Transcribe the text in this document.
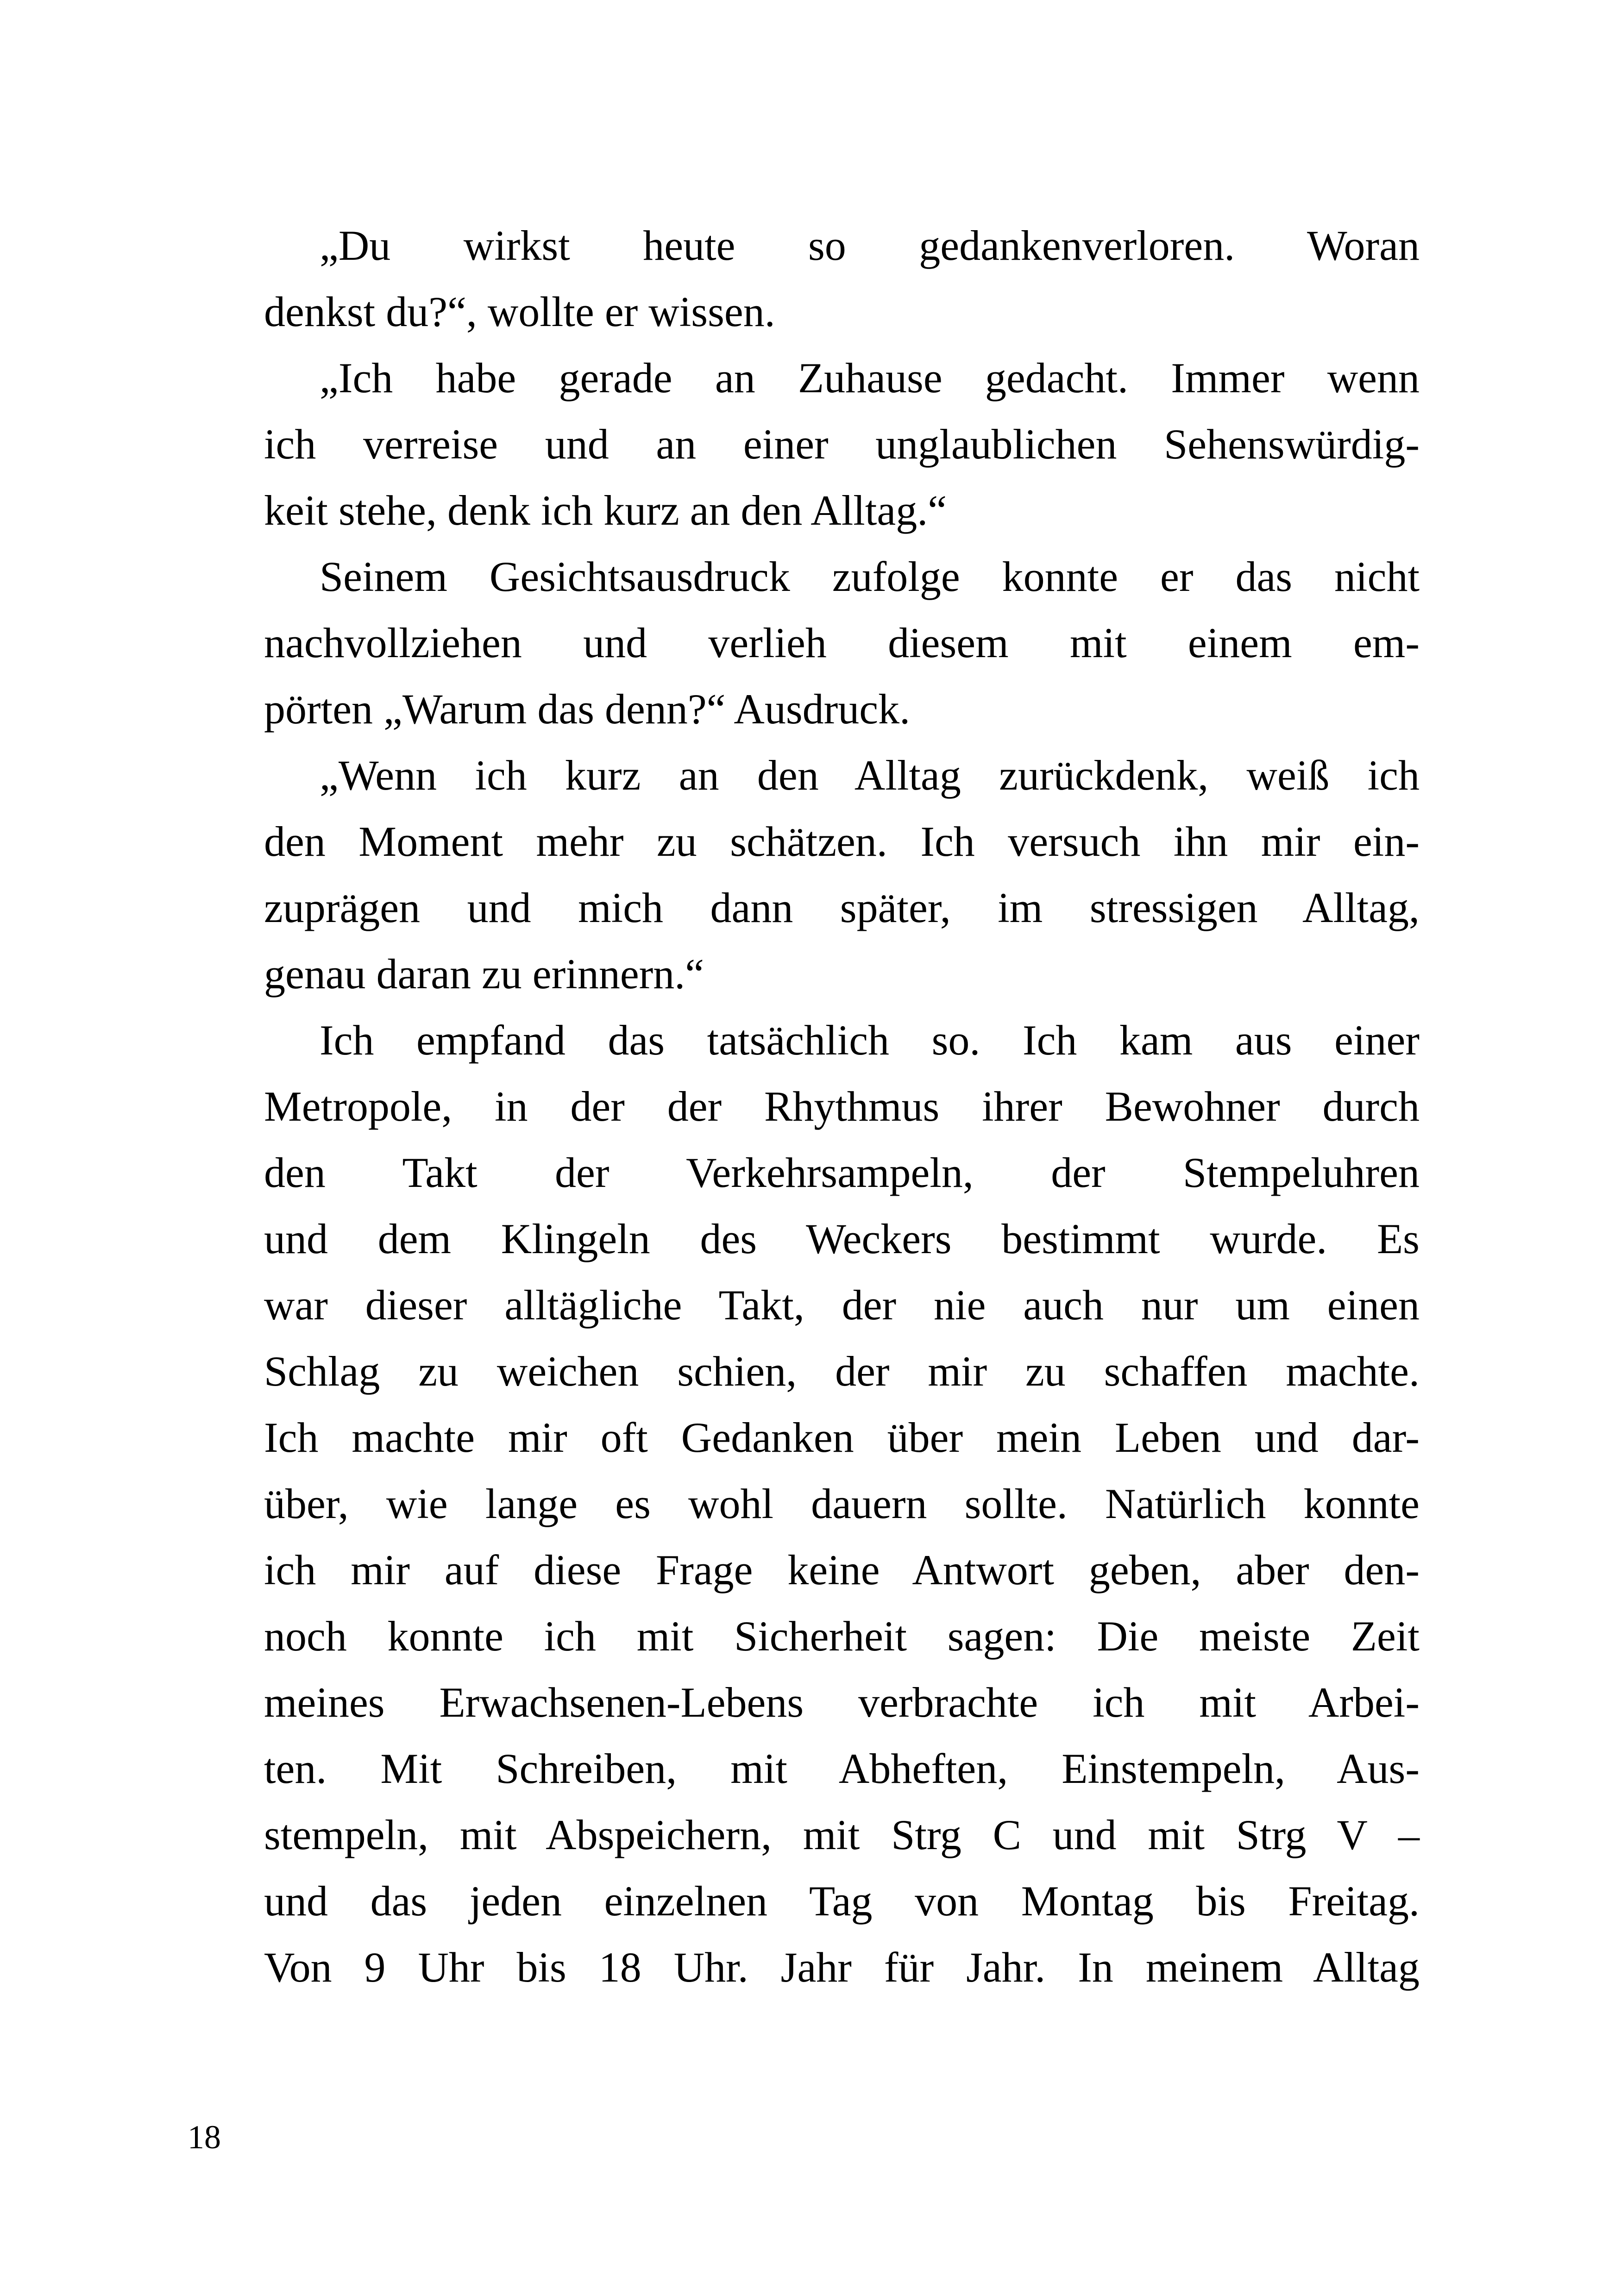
„Du wirkst heute so gedankenverloren. Woran
denkst du?“, wollte er wissen.
„Ich habe gerade an Zuhause gedacht. Immer wenn
ich verreise und an einer unglaublichen Sehenswürdig-
keit stehe, denk ich kurz an den Alltag.“
Seinem Gesichtsausdruck zufolge konnte er das nicht
nachvollziehen und verlieh diesem mit einem em-
pörten „Warum das denn?“ Ausdruck.
„Wenn ich kurz an den Alltag zurückdenk, weiß ich
den Moment mehr zu schätzen. Ich versuch ihn mir ein-
zuprägen und mich dann später, im stressigen Alltag,
genau daran zu erinnern.“
Ich empfand das tatsächlich so. Ich kam aus einer
Metropole, in der der Rhythmus ihrer Bewohner durch
den Takt der Verkehrsampeln, der Stempeluhren
und dem Klingeln des Weckers bestimmt wurde. Es
war dieser alltägliche Takt, der nie auch nur um einen
Schlag zu weichen schien, der mir zu schaffen machte.
Ich machte mir oft Gedanken über mein Leben und dar-
über, wie lange es wohl dauern sollte. Natürlich konnte
ich mir auf diese Frage keine Antwort geben, aber den-
noch konnte ich mit Sicherheit sagen: Die meiste Zeit
meines Erwachsenen-Lebens verbrachte ich mit Arbei-
ten. Mit Schreiben, mit Abheften, Einstempeln, Aus-
stempeln, mit Abspeichern, mit Strg C und mit Strg V –
und das jeden einzelnen Tag von Montag bis Freitag.
Von 9 Uhr bis 18 Uhr. Jahr für Jahr. In meinem Alltag
18
